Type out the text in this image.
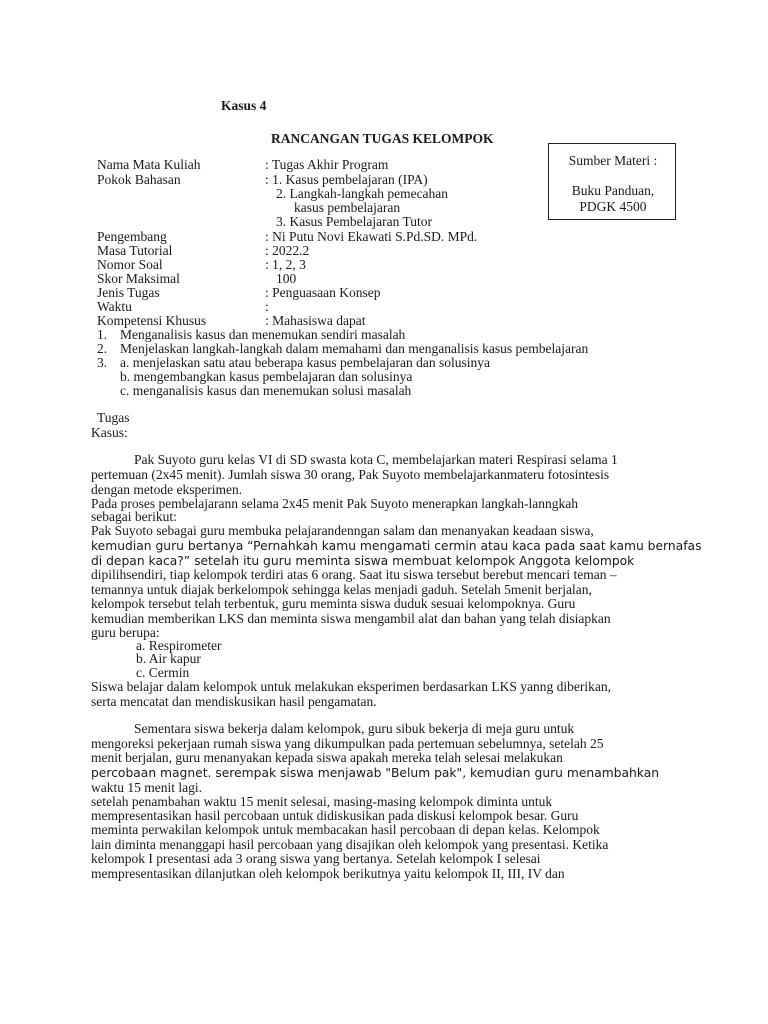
Kasus 4
RANCANGAN TUGAS KELOMPOK
Sumber Materi :
Buku Panduan,
PDGK 4500
Nama Mata Kuliah	: Tugas Akhir Program
Pokok Bahasan	: 1. Kasus pembelajaran (IPA)
2. Langkah-langkah pemecahan
kasus pembelajaran
3. Kasus Pembelajaran Tutor
Pengembang	: Ni Putu Novi Ekawati S.Pd.SD. MPd.
Masa Tutorial	: 2022.2
Nomor Soal	: 1, 2, 3
Skor Maksimal	100
Jenis Tugas	: Penguasaan Konsep
Waktu	:
Kompetensi Khusus	: Mahasiswa dapat
1. Menganalisis kasus dan menemukan sendiri masalah
2. Menjelaskan langkah-langkah dalam memahami dan menganalisis kasus pembelajaran
3. a. menjelaskan satu atau beberapa kasus pembelajaran dan solusinya
b. mengembangkan kasus pembelajaran dan solusinya
c. menganalisis kasus dan menemukan solusi masalah
Tugas
Kasus:
Pak Suyoto guru kelas VI di SD swasta kota C, membelajarkan materi Respirasi selama 1
pertemuan (2x45 menit). Jumlah siswa 30 orang, Pak Suyoto membelajarkanmateru fotosintesis
dengan metode eksperimen.
Pada proses pembelajarann selama 2x45 menit Pak Suyoto menerapkan langkah-lanngkah
sebagai berikut:
Pak Suyoto sebagai guru membuka pelajarandenngan salam dan menanyakan keadaan siswa,
kemudian guru bertanya “Pernahkah kamu mengamati cermin atau kaca pada saat kamu bernafas
di depan kaca?” setelah itu guru meminta siswa membuat kelompok Anggota kelompok
dipilihsendiri, tiap kelompok terdiri atas 6 orang. Saat itu siswa tersebut berebut mencari teman –
temannya untuk diajak berkelompok sehingga kelas menjadi gaduh. Setelah 5menit berjalan,
kelompok tersebut telah terbentuk, guru meminta siswa duduk sesuai kelompoknya. Guru
kemudian memberikan LKS dan meminta siswa mengambil alat dan bahan yang telah disiapkan
guru berupa:
a. Respirometer
b. Air kapur
c. Cermin
Siswa belajar dalam kelompok untuk melakukan eksperimen berdasarkan LKS yanng diberikan,
serta mencatat dan mendiskusikan hasil pengamatan.
Sementara siswa bekerja dalam kelompok, guru sibuk bekerja di meja guru untuk
mengoreksi pekerjaan rumah siswa yang dikumpulkan pada pertemuan sebelumnya, setelah 25
menit berjalan, guru menanyakan kepada siswa apakah mereka telah selesai melakukan
percobaan magnet. serempak siswa menjawab "Belum pak", kemudian guru menambahkan
waktu 15 menit lagi.
setelah penambahan waktu 15 menit selesai, masing-masing kelompok diminta untuk
mempresentasikan hasil percobaan untuk didiskusikan pada diskusi kelompok besar. Guru
meminta perwakilan kelompok untuk membacakan hasil percobaan di depan kelas. Kelompok
lain diminta menanggapi hasil percobaan yang disajikan oleh kelompok yang presentasi. Ketika
kelompok I presentasi ada 3 orang siswa yang bertanya. Setelah kelompok I selesai
mempresentasikan dilanjutkan oleh kelompok berikutnya yaitu kelompok II, III, IV dan
